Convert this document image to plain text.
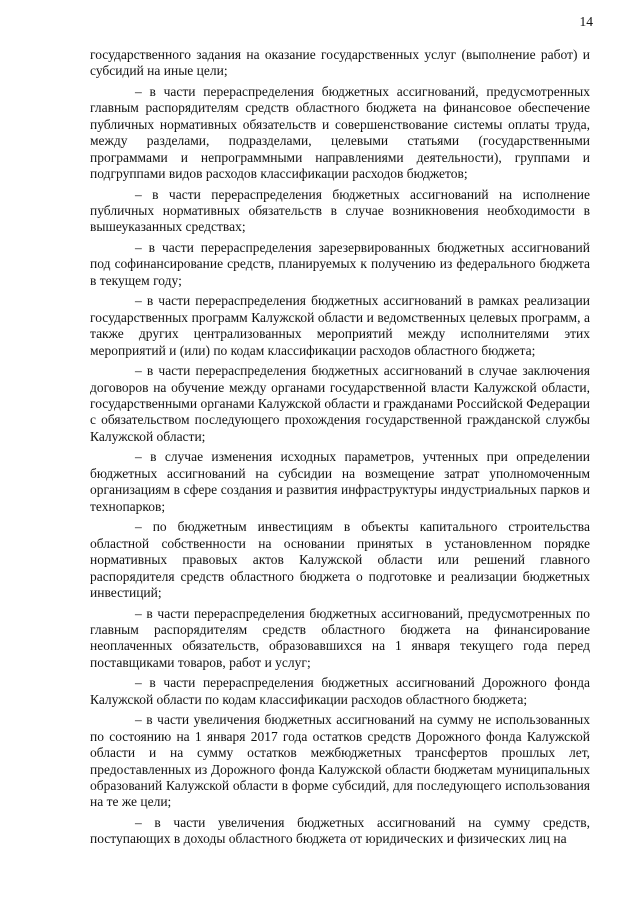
14

государственного задания на оказание государственных услуг (выполнение работ) и субсидий на иные цели;

– в части перераспределения бюджетных ассигнований, предусмотренных главным распорядителям средств областного бюджета на финансовое обеспечение публичных нормативных обязательств и совершенствование системы оплаты труда, между разделами, подразделами, целевыми статьями (государственными программами и непрограммными направлениями деятельности), группами и подгруппами видов расходов классификации расходов бюджетов;

– в части перераспределения бюджетных ассигнований на исполнение публичных нормативных обязательств в случае возникновения необходимости в вышеуказанных средствах;

– в части перераспределения зарезервированных бюджетных ассигнований под софинансирование средств, планируемых к получению из федерального бюджета в текущем году;

– в части перераспределения бюджетных ассигнований в рамках реализации государственных программ Калужской области и ведомственных целевых программ, а также других централизованных мероприятий между исполнителями этих мероприятий и (или) по кодам классификации расходов областного бюджета;

– в части перераспределения бюджетных ассигнований в случае заключения договоров на обучение между органами государственной власти Калужской области, государственными органами Калужской области и гражданами Российской Федерации с обязательством последующего прохождения государственной гражданской службы Калужской области;

– в случае изменения исходных параметров, учтенных при определении бюджетных ассигнований на субсидии на возмещение затрат уполномоченным организациям в сфере создания и развития инфраструктуры индустриальных парков и технопарков;

– по бюджетным инвестициям в объекты капитального строительства областной собственности на основании принятых в установленном порядке нормативных правовых актов Калужской области или решений главного распорядителя средств областного бюджета о подготовке и реализации бюджетных инвестиций;

– в части перераспределения бюджетных ассигнований, предусмотренных по главным распорядителям средств областного бюджета на финансирование неоплаченных обязательств, образовавшихся на 1 января текущего года перед поставщиками товаров, работ и услуг;

– в части перераспределения бюджетных ассигнований Дорожного фонда Калужской области по кодам классификации расходов областного бюджета;

– в части увеличения бюджетных ассигнований на сумму не использованных по состоянию на 1 января 2017 года остатков средств Дорожного фонда Калужской области и на сумму остатков межбюджетных трансфертов прошлых лет, предоставленных из Дорожного фонда Калужской области бюджетам муниципальных образований Калужской области в форме субсидий, для последующего использования на те же цели;

– в части увеличения бюджетных ассигнований на сумму средств, поступающих в доходы областного бюджета от юридических и физических лиц на
